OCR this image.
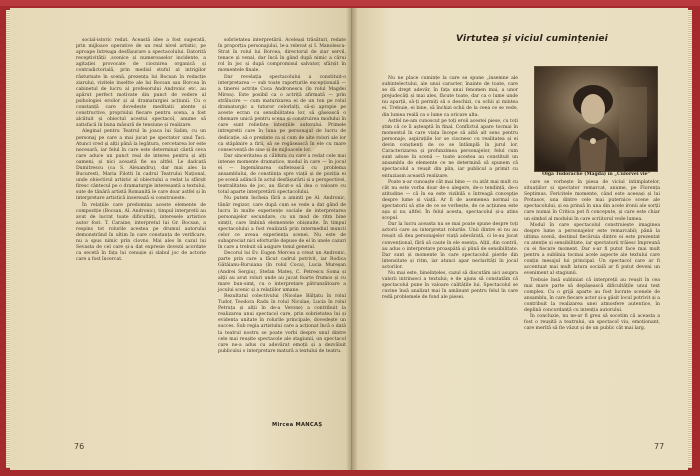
social-istoric redat. Această idee a fost sugerată, prin mijloace operative de un real nivel artistic, pe aproape întreaga desfășurare a spectacolului. Datorită receptivității ,scenice și numeroaselor incidente, a agitației provocate de ciocnirea organică și contradictorială, prin mediul stuful al intrigilor răsturnate în scenă, prezența lui Bocsan în redacție ziarului, vizitele inseltte ale lui Bocsan sau Borcea în cabinetul de lucru al profesorului Andronic etc. au apărut perfect motivate din punct de vedere al psihologiei eroilor și al dramaturgiei acțiunii. Cu o constanță care dovedește meditatii atente și constructive, propriului fiecare pentru scena, a fost alcătuit și obiectul acestui spectacol, anume să satisfacă în buna măsură de tensiune și realizare.

Aleginal pentru Teatrul în joaca lui Salim, cu un personaj pe care a mai jucat pe spectator unul Taci. Atunci cred și alții până la legătura, cercetarea lor este necesară, iar felul în care este determinat cântă ceva care aduce un punct real de interes pentru și alți oameni, și nici această fie ea altfel. Le dadcată Dumitrescu (ca S. Alexandru), dar mai ales la Bucuresti, Maria Filotti în cadrul Teatrului Național, unde obiectivul artistic al obiectului a redat la sfârșit firesc cântecul pe o dramaturgie interesantă a textului, sute de tânără artistă Romanită le care doar astfel și în interpretare artistică inserează si construieste.

În relațiile care predomina aceste elemente de compoziție (Bocsan, Al. Andronic), timpul interpretii au avut de lucrat toate dificultăți, interesele artistice autor fost. T. Caraine, interpretul lui Gr. Bocsan, a respins tot rolurile acestea pe drumul autorului demonstrând în ultim în care constanța de verificare, nu a spus nimic prin clovns. Mai ales în cazul lui Sevasta de cel care și-a dat expresie dovezii acordate ca secetă în fața lui cenușie și slabul joc de actorie care a fost încercat.

sobrietatea interpretării. Aceleași trăsături, redate în proporția personajului, le-a relevat și I. Manolescu-Strat în rolul lui Borcea, directorul de ziar servil, tenace și venal, dar încă în gând după nimic a cărui rol în joc și după compromisul salvator, sfârșit în momentele finale.

Dar revelația spectacolului a constituit-o interpretarea — sub toate raporturile excepțională — a tinerei actrițe Coca Andronescu (în rolul Magdei Mirea). Este posibil ca o actriță afirmată — prin strălucire — cum maturizarea ei de un ton pe rolul dramaturgic a tuturor celorlalți, să-și apropie pe aceste ecran cu sensibilitatea lor, să găsească o chemare unică pentru scena și construirea modului în care sunt reliefate intențiile autorului. Primele intrepretii care în luna pe personajul de lucru de dedicație, să o prezinte ca și cum de alte roluri ale lor ca stăpânire a firii, să se regăsească în ele cu mare consecvență de sine și de mijloacele lor.

Dar sinceritatea și căldura cu care a redat cele mai intense momente dramatice, modul în care — în jocul ei — îngemănarea sufletească cu problema ansamblului, de constiința spre viață și de poziția ei pe scenă adâncă în actul desfășurării și a perspectivei, teatralitatea de joc, au făcut-o să dea o valoare cu totul aparte interpretării spectacolului.

Nu putem încheia fără a aminti pe Al. Andronic, tânăr regizor, care după cum se vede a dat gând de lucru în multe experiențe sociale de interpretarea personajelor secundare, cu un mod de ritm bine simțit, care îmbină elementele obișnuite. În timpul spectacolului a fost realizată prin intermediul muncii celor ce aveau experiența scenei. Nu este de subapreciat nici eforturile depuse de el în unele cazuri în care a trebuit să asigure tonul general.

Decorul lui Ev. Eugen Mercea a creat un Andronic, parte prin care a făcut cadrul potrivit, iar Rodica Gătăianu-Buruiana (în rolul Coca), Lucia Mureșan (Andrei Sergiu), Ștefan Mateș, C. Petrescu Soma și alții au avut roluri unde au jucat foarte frumos și cu mare bun-simț, cu o interpretare pătrunzătoare a jocului scenic și a relațiilor umane.

Rezultatul colectivului (Nicolae Bălțatu în rolul Tudor, Teodora Radu în rolul Niculae, Lucia în rolul Petruța și alții în de-a Verone) a contribuit la realizarea unui spectacol care, prin sobrietatea lui și evidenta unitate în rolurile principale, dovedește un succes. Sub regia artistului care a acționat încă o dată la teatrul nostru se poate vorbi despre unul dintre cele mai reușite spectacole ale stagiunii, un spectacol care ne-a adus cu adevărat emoții și a dezvăluit publicului o interpretare matură a textului de teatru.

Mircea MANCAȘ
76
Virtutea și viciul cumințeniei

Nu ne place cumințe la care se spune „insemne ale subintelectului, ale unui caracter, înainte de toate, care se dă drept adevăr, în fața unui fenomen mai, a unor prejudecăți și mai ales, făcute toate, dar ca o lume unde nu aparții, să-ți permiți să o deschizi, cu ochii și mintea ei. Trebuie, ei bine, să închizi ochii de la ceea ce se vede, din lumea reală ca o lume ca oricare alta.

Astfel ne-am cunoscut pe toți eroii acestei piese, cu toți știm că ce îi așteaptă în final. Conflictul apare tocmai în momentul în care viața începe să aibă alt sens pentru personaje, aspirațiile lor se ciocnesc cu realitatea și ei devin conștienți de ce se întâmplă în jurul lor. Caracterizarea și profunzimea personajelor, felul cum sunt aduse în scenă — toate acestea au constituit un ansamblu de elemente ce ne determină să spunem că spectacolul a reușit din plin, iar publicul a primit cu entuziasm această realizare.

Poate n-ar cunoaște cât mai bine — cu atât mai mult cu cât nu este vorba doar de-o alegere, de-o tendință, de-o atitudine — că în ea este vizibilă o întreagă concepție despre lume și viață. Ar fi de asemenea normal ca spectatorii să știe de ce se vorbește, de ce acțiunea este așa și nu altfel. În felul acesta, spectacolul și-a atins scopul.

Dar la lucru aceasta nu se mai poate spune despre toți actorii care au interpretat rolurile. Unii dintre ei nu au reușit să dea personajelor viață adevărată, ci le-au jucat convențional, fără să caute în ele esența. Alții, din contră, au adus o interpretare proaspătă și plină de sensibilitate. Dar sunt și momente în care spectacolul pierde din intensitate și ritm, iar atunci apar neclarități în jocul actorilor.

Nu mai este, bineînțeles, cazul să discutăm aici asupra valorii intrinseci a textului; e de ajuns să constatăm că spectacolul pune în valoare calitățile lui. Spectacolul se cuvine însă analizat mai în amănunt pentru felul în care redă problemele de fond ale piesei.

Olga Tudorache (Magda) în „Culorvei vie"

care se vorbește în piesa de viciul intimplatelor, situațiilor și spectator remarcat, anume, pe Florența Septimus. Fericitele momente, când este aceeași și lui Protasov, una dintre cele mai puternice scene ale spectacolului, și ea prinsă în una din acele ironii ale sorții care numai în Critica pot fi concepute, și care este chiar un simbol al modului în care scriitorul vede lumea.

Modul în care spectacolul construiește imaginea despre lume a personajelor este remarcabil; până la ultima scenă, destinul fiecăruia dintre ei este prezentat cu atenție și sensibilitate, iar spectatorii trăiesc împreună cu ei fiecare moment. Dar s-ar fi putut face mai mult pentru a sublinia tocmai acele aspecte ale textului care conțin mesajul lui principal. Un spectacol care ar fi accentuat mai mult latura socială ar fi putut deveni un eveniment al stagiunii.

Trebuie însă subliniat că interpreții au reușit în cea mai mare parte să depășească dificultățile unui text complex. Cu o grijă aparte au fost lucrate scenele de ansamblu, în care fiecare actor și-a găsit locul potrivit și a contribuit la realizarea unei atmosfere autentice, în deplină concordanță cu intenția autorului.

În concluzie, nu ne-ar fi greu să socotim că aceasta a fost o reușită a teatrului, un spectacol viu, emoționant, care merită să fie văzut și de un public cât mai larg.

77
